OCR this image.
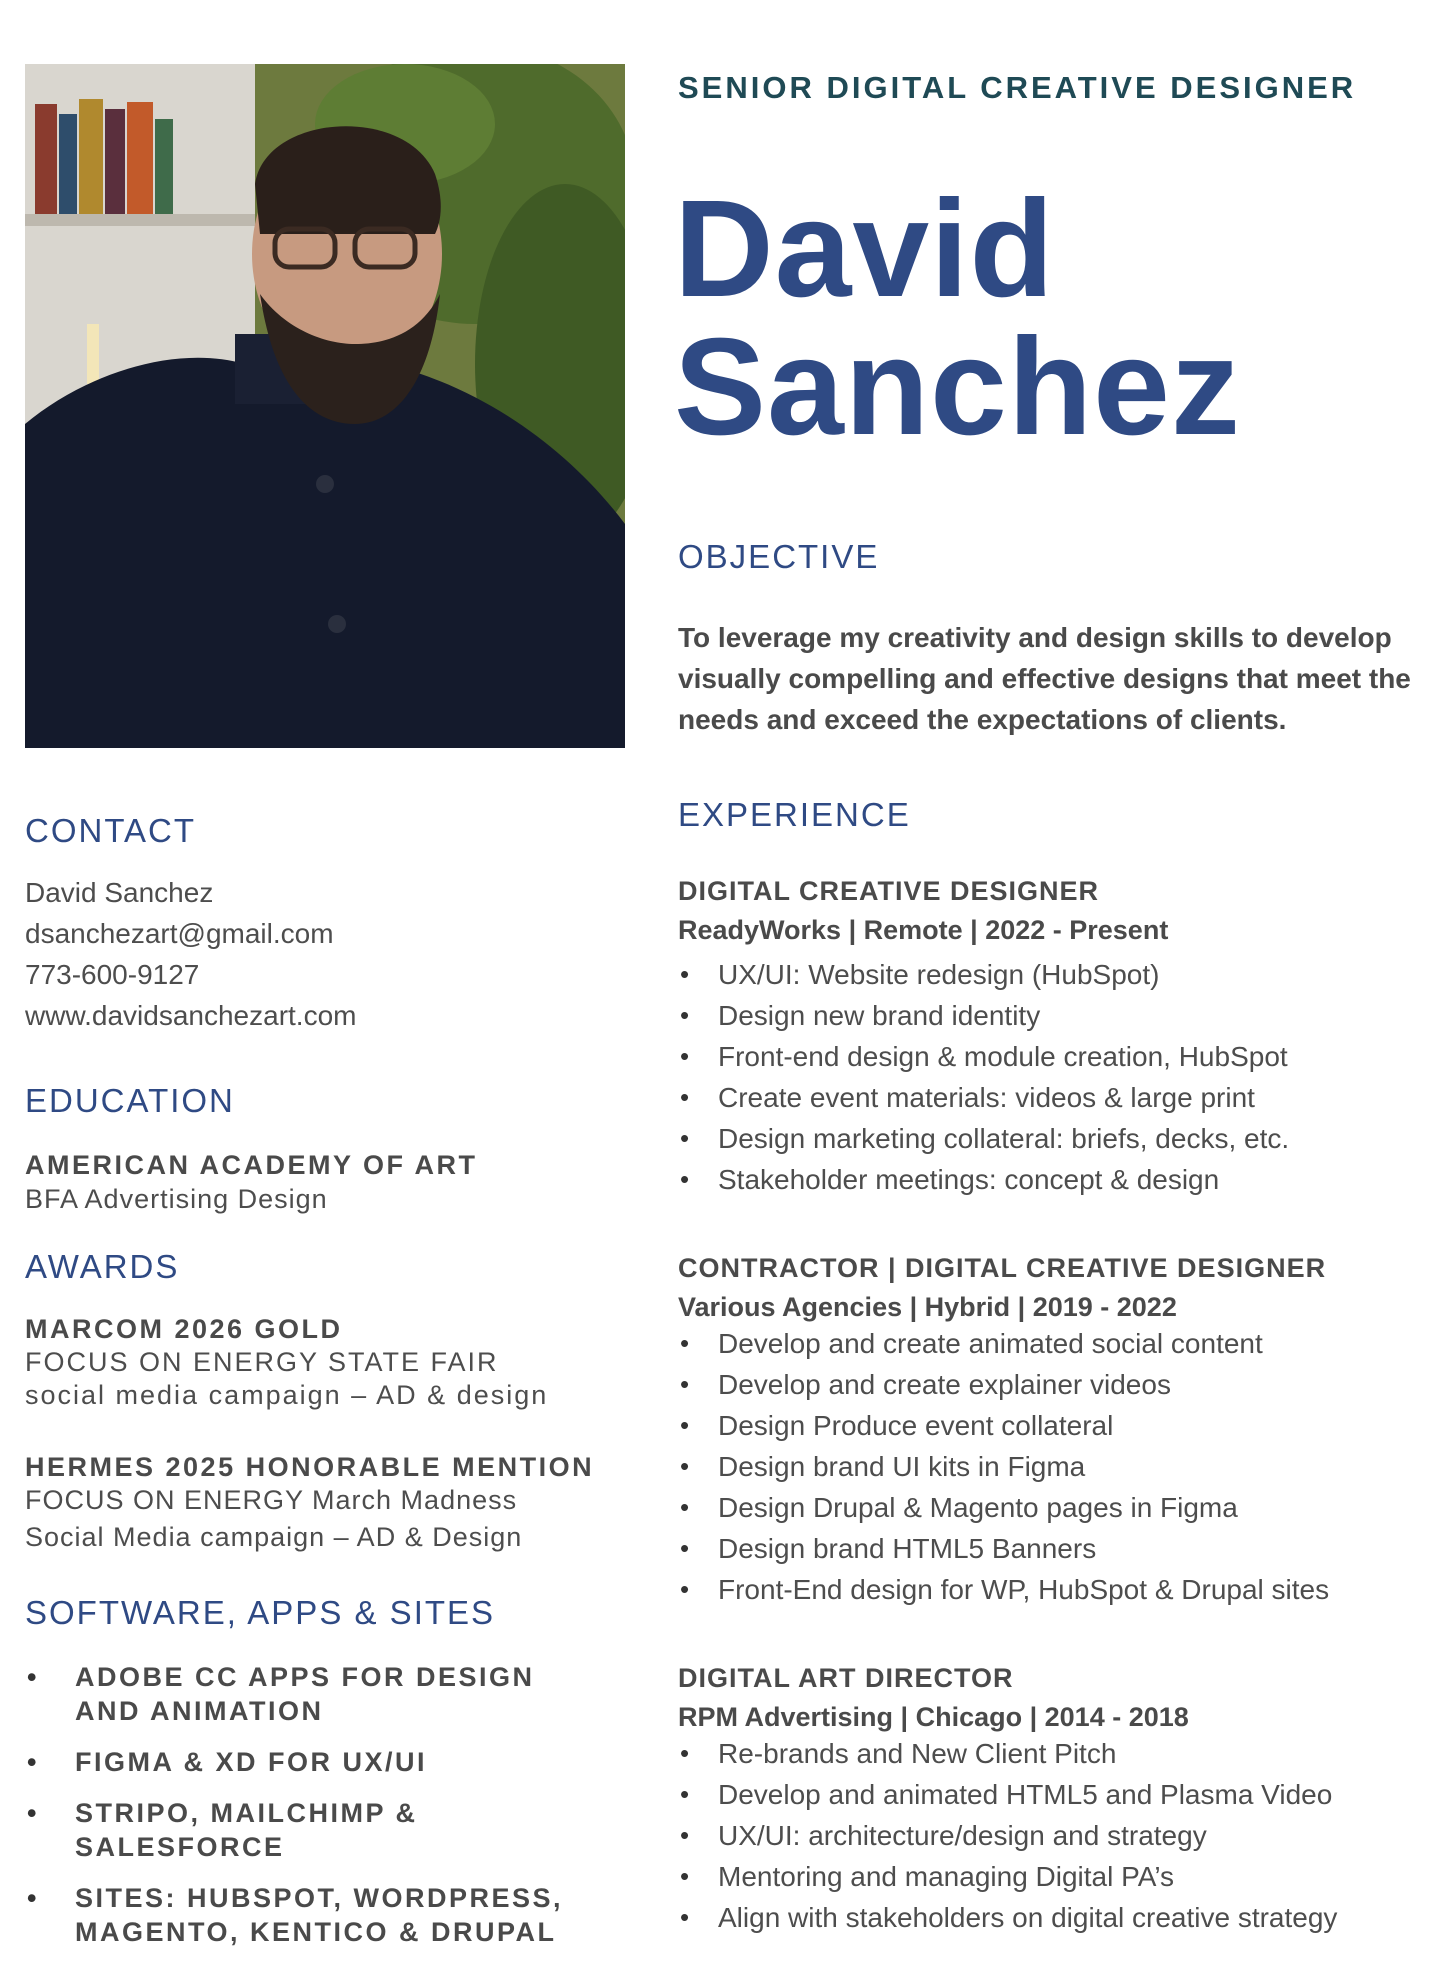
SENIOR DIGITAL CREATIVE DESIGNER
David
Sanchez
OBJECTIVE
To leverage my creativity and design skills to develop visually compelling and effective designs that meet the needs and exceed the expectations of clients.
CONTACT
David Sanchez
dsanchezart@gmail.com
773-600-9127
www.davidsanchezart.com
EDUCATION
AMERICAN ACADEMY OF ART
BFA Advertising Design
AWARDS
MARCOM 2026 GOLD
FOCUS ON ENERGY STATE FAIR
social media campaign – AD & design
HERMES 2025 HONORABLE MENTION
FOCUS ON ENERGY March Madness
Social Media campaign – AD & Design
SOFTWARE, APPS & SITES
• ADOBE CC APPS FOR DESIGN AND ANIMATION
• FIGMA & XD FOR UX/UI
• STRIPO, MAILCHIMP & SALESFORCE
• SITES: HUBSPOT, WORDPRESS, MAGENTO, KENTICO & DRUPAL
EXPERIENCE
DIGITAL CREATIVE DESIGNER
ReadyWorks | Remote | 2022 - Present
• UX/UI: Website redesign (HubSpot)
• Design new brand identity
• Front-end design & module creation, HubSpot
• Create event materials: videos & large print
• Design marketing collateral: briefs, decks, etc.
• Stakeholder meetings: concept & design
CONTRACTOR | DIGITAL CREATIVE DESIGNER
Various Agencies | Hybrid | 2019 - 2022
• Develop and create animated social content
• Develop and create explainer videos
• Design Produce event collateral
• Design brand UI kits in Figma
• Design Drupal & Magento pages in Figma
• Design brand HTML5 Banners
• Front-End design for WP, HubSpot & Drupal sites
DIGITAL ART DIRECTOR
RPM Advertising | Chicago | 2014 - 2018
• Re-brands and New Client Pitch
• Develop and animated HTML5 and Plasma Video
• UX/UI: architecture/design and strategy
• Mentoring and managing Digital PA’s
• Align with stakeholders on digital creative strategy
